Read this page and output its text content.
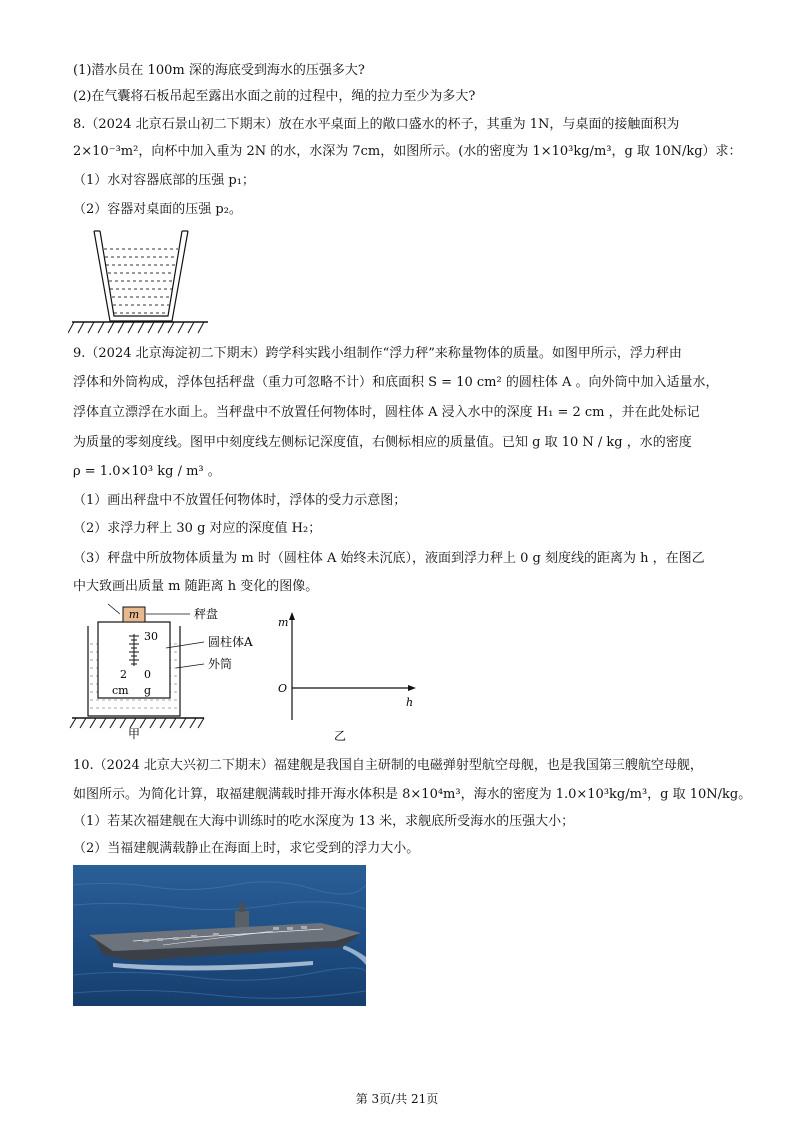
(1)潜水员在 100m 深的海底受到海水的压强多大?
(2)在气囊将石板吊起至露出水面之前的过程中，绳的拉力至少为多大?
8.（2024 北京石景山初二下期末）放在水平桌面上的敞口盛水的杯子，其重为 1N，与桌面的接触面积为
2×10⁻³m²，向杯中加入重为 2N 的水，水深为 7cm，如图所示。(水的密度为 1×10³kg/m³，g 取 10N/kg）求：
（1）水对容器底部的压强 p₁；
（2）容器对桌面的压强 p₂。
9.（2024 北京海淀初二下期末）跨学科实践小组制作“浮力秤”来称量物体的质量。如图甲所示，浮力秤由
浮体和外筒构成，浮体包括秤盘（重力可忽略不计）和底面积 S = 10 cm² 的圆柱体 A 。向外筒中加入适量水，
浮体直立漂浮在水面上。当秤盘中不放置任何物体时，圆柱体 A 浸入水中的深度 H₁ = 2 cm ，并在此处标记
为质量的零刻度线。图甲中刻度线左侧标记深度值，右侧标相应的质量值。已知 g 取 10 N / kg ，水的密度
ρ = 1.0×10³ kg / m³ 。
（1）画出秤盘中不放置任何物体时，浮体的受力示意图；
（2）求浮力秤上 30 g 对应的深度值 H₂；
（3）秤盘中所放物体质量为 m 时（圆柱体 A 始终未沉底），液面到浮力秤上 0 g 刻度线的距离为 h ，在图乙
中大致画出质量 m 随距离 h 变化的图像。
m
30
2 0
cm g
秤盘
圆柱体A
外筒
甲
m
O
h
乙
10.（2024 北京大兴初二下期末）福建舰是我国自主研制的电磁弹射型航空母舰，也是我国第三艘航空母舰，
如图所示。为简化计算，取福建舰满载时排开海水体积是 8×10⁴m³，海水的密度为 1.0×10³kg/m³，g 取 10N/kg。
（1）若某次福建舰在大海中训练时的吃水深度为 13 米，求舰底所受海水的压强大小；
（2）当福建舰满载静止在海面上时，求它受到的浮力大小。
第 3页/共 21页
